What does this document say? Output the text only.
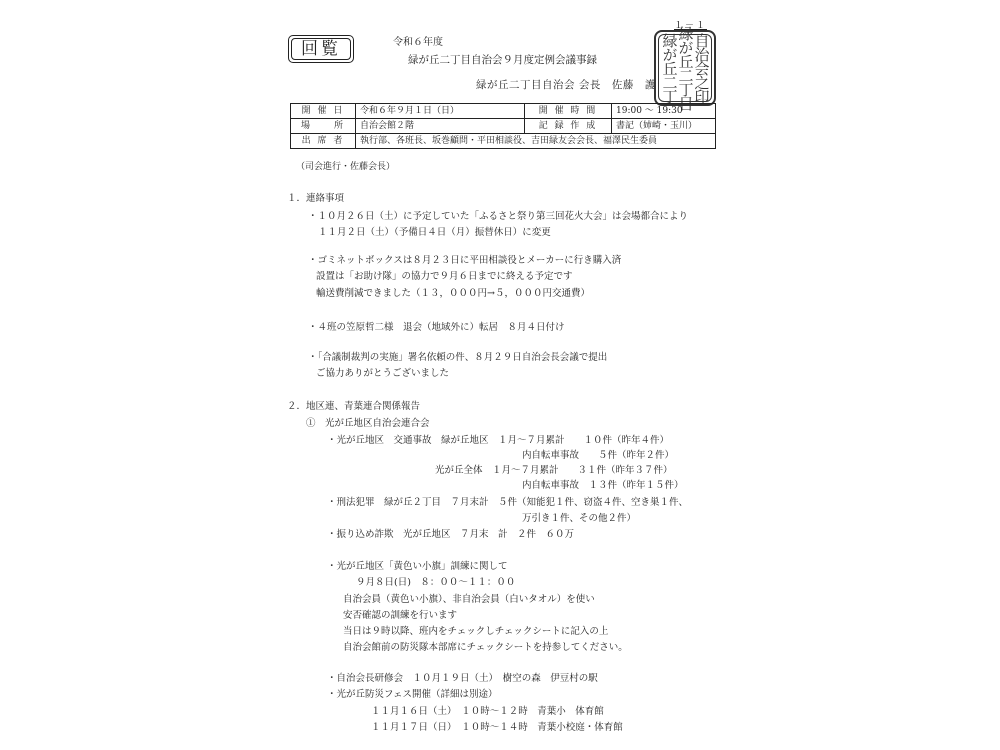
回覧	令和６年度
緑が丘二丁目自治会９月度定例会議事録
緑が丘二丁目自治会 会長　佐藤　護
１－１
自治会之印
緑が丘二丁目
緑が丘二丁
開 催 日	令和６年９月１日（日）	開 催 時 間	19:00 ～ 19:30
場　　所	自治会館２階	記 録 作 成	書記（姉崎・玉川）
出 席 者	執行部、各班長、坂巻顧問・平田相談役、吉田緑友会会長、福澤民生委員		
（司会進行・佐藤会長）
１．連絡事項
・１０月２６日（土）に予定していた「ふるさと祭り第三回花火大会」は会場都合により
１１月２日（土）（予備日４日（月）振替休日）に変更
・ゴミネットボックスは８月２３日に平田相談役とメーカーに行き購入済
設置は「お助け隊」の協力で９月６日までに終える予定です
輸送費削減できました（１３，０００円→５，０００円交通費）
・４班の笠原哲二様　退会（地域外に）転居　８月４日付け
・「合議制裁判の実施」署名依頼の件、８月２９日自治会長会議で提出
ご協力ありがとうございました
２．地区連、青葉連合関係報告
①　光が丘地区自治会連合会
・光が丘地区　交通事故　緑が丘地区　１月～７月累計　　１０件（昨年４件）
内自転車事故　　５件（昨年２件）
光が丘全体　１月～７月累計　　３１件（昨年３７件）
内自転車事故　１３件（昨年１５件）
・刑法犯罪　緑が丘２丁目　７月末計　５件（知能犯１件、窃盗４件、空き巣１件、
万引き１件、その他２件）
・振り込め詐欺　光が丘地区　７月末　計　２件　６０万
・光が丘地区「黄色い小旗」訓練に関して
９月８日(日)　８：００～１１：００
自治会員（黄色い小旗）、非自治会員（白いタオル）を使い
安否確認の訓練を行います
当日は９時以降、班内をチェックしチェックシートに記入の上
自治会館前の防災隊本部席にチェックシートを持参してください。
・自治会長研修会　１０月１９日（土）　樹空の森　伊豆村の駅
・光が丘防災フェス開催（詳細は別途）
１１月１６日（土）　１０時～１２時　青葉小　体育館
１１月１７日（日）　１０時～１４時　青葉小校庭・体育館
